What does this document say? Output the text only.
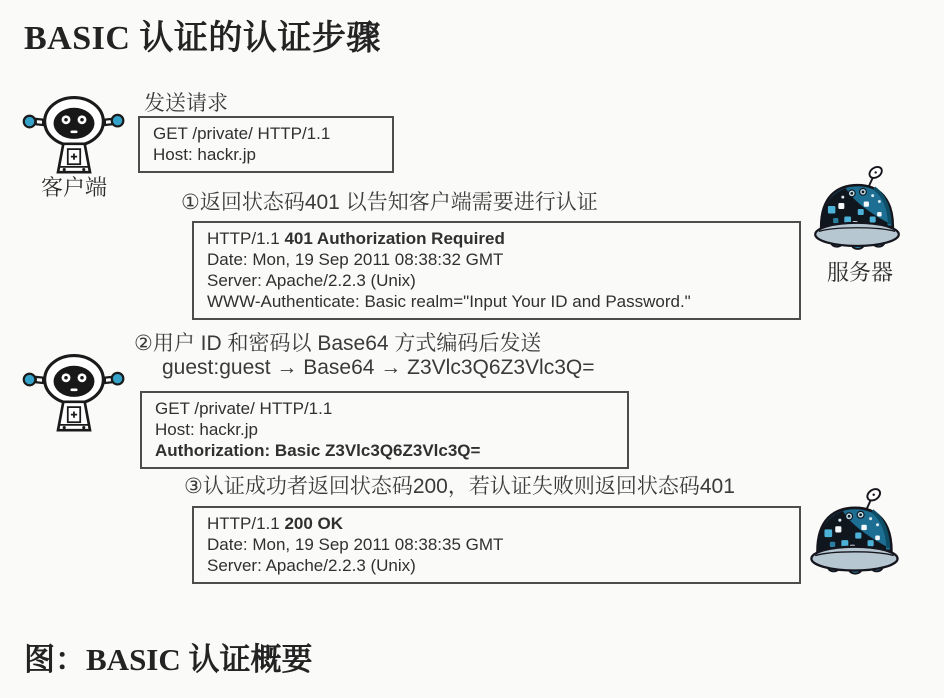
BASIC 认证的认证步骤
客户端
发送请求
GET /private/ HTTP/1.1
Host: hackr.jp
①返回状态码401 以告知客户端需要进行认证
HTTP/1.1 401 Authorization Required
Date: Mon, 19 Sep 2011 08:38:32 GMT
Server: Apache/2.2.3 (Unix)
WWW-Authenticate: Basic realm="Input Your ID and Password."
服务器
②用户 ID 和密码以 Base64 方式编码后发送
guest:guest → Base64 → Z3Vlc3Q6Z3Vlc3Q=
GET /private/ HTTP/1.1
Host: hackr.jp
Authorization: Basic Z3Vlc3Q6Z3Vlc3Q=
③认证成功者返回状态码200，若认证失败则返回状态码401
HTTP/1.1 200 OK
Date: Mon, 19 Sep 2011 08:38:35 GMT
Server: Apache/2.2.3 (Unix)
图：BASIC 认证概要
